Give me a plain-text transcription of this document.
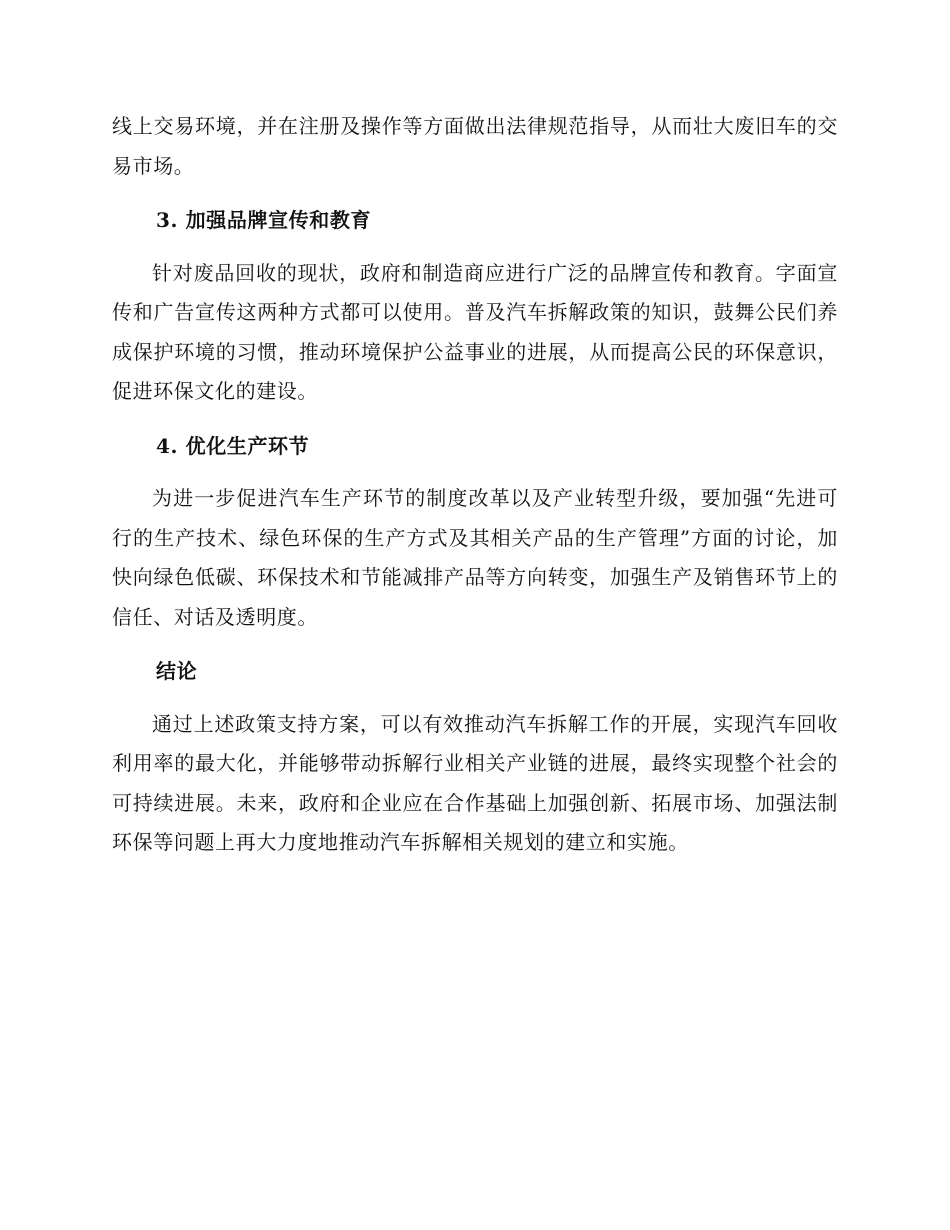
线上交易环境，并在注册及操作等方面做出法律规范指导，从而壮大废旧车的交易市场。

3. 加强品牌宣传和教育

针对废品回收的现状，政府和制造商应进行广泛的品牌宣传和教育。字面宣传和广告宣传这两种方式都可以使用。普及汽车拆解政策的知识，鼓舞公民们养成保护环境的习惯，推动环境保护公益事业的进展，从而提高公民的环保意识，促进环保文化的建设。

4. 优化生产环节

为进一步促进汽车生产环节的制度改革以及产业转型升级，要加强“先进可行的生产技术、绿色环保的生产方式及其相关产品的生产管理”方面的讨论，加快向绿色低碳、环保技术和节能减排产品等方向转变，加强生产及销售环节上的信任、对话及透明度。

结论

通过上述政策支持方案，可以有效推动汽车拆解工作的开展，实现汽车回收利用率的最大化，并能够带动拆解行业相关产业链的进展，最终实现整个社会的可持续进展。未来，政府和企业应在合作基础上加强创新、拓展市场、加强法制环保等问题上再大力度地推动汽车拆解相关规划的建立和实施。
